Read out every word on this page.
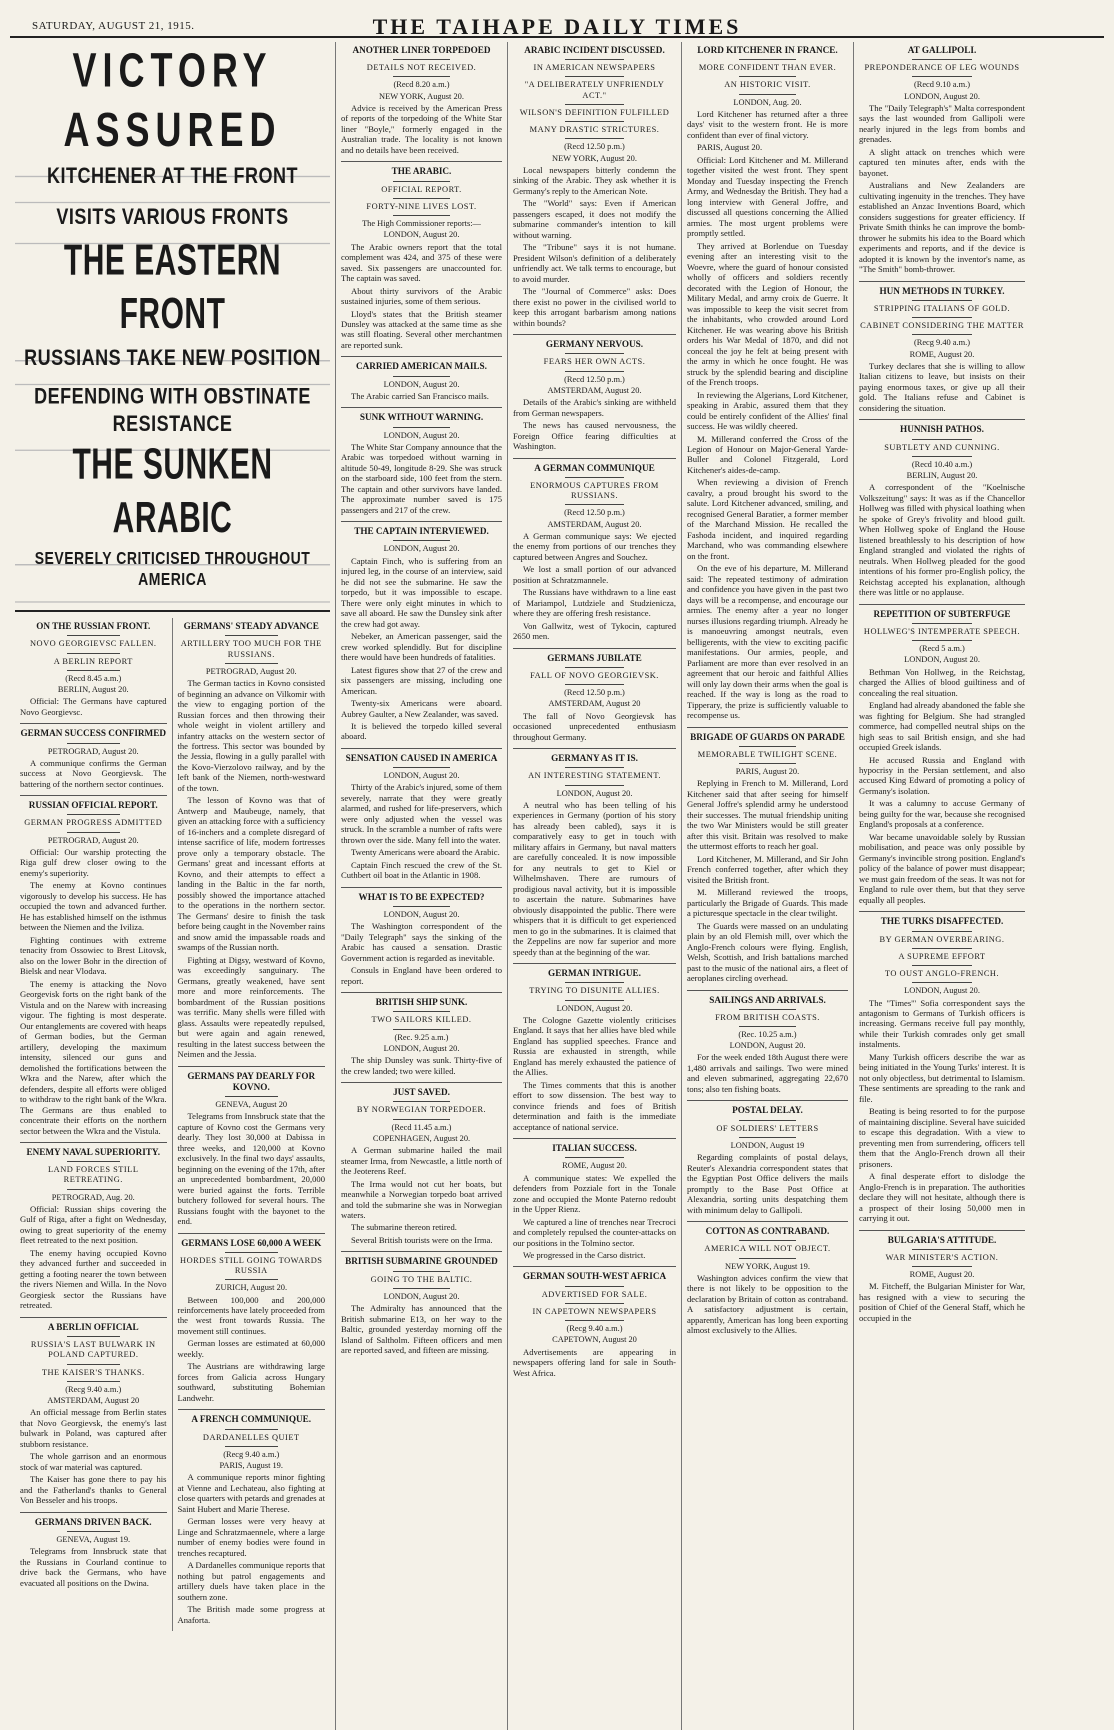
SATURDAY, AUGUST 21, 1915.	THE TAIHAPE DAILY TIMES
VICTORY ASSURED
KITCHENER AT THE FRONT
VISITS VARIOUS FRONTS
THE EASTERN FRONT
RUSSIANS TAKE NEW POSITION
DEFENDING WITH OBSTINATE RESISTANCE
THE SUNKEN ARABIC
SEVERELY CRITICISED THROUGHOUT AMERICA
ON THE RUSSIAN FRONT.
NOVO GEORGIEVSC FALLEN.
A BERLIN REPORT
(Recd 8.45 a.m.)
BERLIN, August 20.

Official: The Germans have captured Novo Georgievsc.

GERMAN SUCCESS CONFIRMED
PETROGRAD, August 20.

A communique confirms the German success at Novo Georgievsk. The battering of the northern sector continues.

RUSSIAN OFFICIAL REPORT.
GERMAN PROGRESS ADMITTED
PETROGRAD, August 20.

Official: Our warship protecting the Riga gulf drew closer owing to the enemy's superiority.

The enemy at Kovno continues vigorously to develop his success. He has occupied the town and advanced further. He has established himself on the isthmus between the Niemen and the Iviliza.

Fighting continues with extreme tenacity from Ossowiec to Brest Litovsk, also on the lower Bohr in the direction of Bielsk and near Vlodava.

The enemy is attacking the Novo Georgevisk forts on the right bank of the Vistula and on the Narew with increasing vigour. The fighting is most desperate. Our entanglements are covered with heaps of German bodies, but the German artillery, developing the maximum intensity, silenced our guns and demolished the fortifications between the Wkra and the Narew, after which the defenders, despite all efforts were obliged to withdraw to the right bank of the Wkra. The Germans are thus enabled to concentrate their efforts on the northern sector between the Wkra and the Vistula.

ENEMY NAVAL SUPERIORITY.
LAND FORCES STILL RETREATING.
PETROGRAD, Aug. 20.

Official: Russian ships covering the Gulf of Riga, after a fight on Wednesday, owing to great superiority of the enemy fleet retreated to the next position.

The enemy having occupied Kovno they advanced further and succeeded in getting a footing nearer the town between the rivers Niemen and Willa. In the Novo Georgiesk sector the Russians have retreated.

A BERLIN OFFICIAL
RUSSIA'S LAST BULWARK IN POLAND CAPTURED.
THE KAISER'S THANKS.
(Recg 9.40 a.m.)
AMSTERDAM, August 20

An official message from Berlin states that Novo Georgievsk, the enemy's last bulwark in Poland, was captured after stubborn resistance.

The whole garrison and an enormous stock of war material was captured.

The Kaiser has gone there to pay his and the Fatherland's thanks to General Von Besseler and his troops.

GERMANS DRIVEN BACK.
GENEVA, August 19.

Telegrams from Innsbruck state that the Russians in Courland continue to drive back the Germans, who have evacuated all positions on the Dwina.

GERMANS' STEADY ADVANCE
ARTILLERY TOO MUCH FOR THE RUSSIANS.
PETROGRAD, August 20.

The German tactics in Kovno consisted of beginning an advance on Vilkomir with the view to engaging portion of the Russian forces and then throwing their whole weight in violent artillery and infantry attacks on the western sector of the fortress. This sector was bounded by the Jessia, flowing in a gully parallel with the Kovo-Vierzolovo railway, and by the left bank of the Niemen, north-westward of the town.

The lesson of Kovno was that of Antwerp and Maubeuge, namely, that given an attacking force with a sufficiency of 16-inchers and a complete disregard of intense sacrifice of life, modern fortresses prove only a temporary obstacle. The Germans' great and incessant efforts at Kovno, and their attempts to effect a landing in the Baltic in the far north, possibly showed the importance attached to the operations in the northern sector. The Germans' desire to finish the task before being caught in the November rains and snow amid the impassable roads and swamps of the Russian north.

Fighting at Digsy, westward of Kovno, was exceedingly sanguinary. The Germans, greatly weakened, have sent more and more reinforcements. The bombardment of the Russian positions was terrific. Many shells were filled with glass. Assaults were repeatedly repulsed, but were again and again renewed, resulting in the latest success between the Neimen and the Jessia.

GERMANS PAY DEARLY FOR KOVNO.
GENEVA, August 20

Telegrams from Innsbruck state that the capture of Kovno cost the Germans very dearly. They lost 30,000 at Dabissa in three weeks, and 120,000 at Kovno exclusively. In the final two days' assaults, beginning on the evening of the 17th, after an unprecedented bombardment, 20,000 were buried against the forts. Terrible butchery followed for several hours. The Russians fought with the bayonet to the end.

GERMANS LOSE 60,000 A WEEK
HORDES STILL GOING TOWARDS RUSSIA
ZURICH, August 20.

Between 100,000 and 200,000 reinforcements have lately proceeded from the west front towards Russia. The movement still continues.

German losses are estimated at 60,000 weekly.

The Austrians are withdrawing large forces from Galicia across Hungary southward, substituting Bohemian Landwehr.

A FRENCH COMMUNIQUE.
DARDANELLES QUIET
(Recg 9.40 a.m.)
PARIS, August 19.

A communique reports minor fighting at Vienne and Lechateau, also fighting at close quarters with petards and grenades at Saint Hubert and Marie Therese.

German losses were very heavy at Linge and Schratzmaennele, where a large number of enemy bodies were found in trenches recaptured.

A Dardanelles communique reports that nothing but patrol engagements and artillery duels have taken place in the southern zone.

The British made some progress at Anaforta.

ANOTHER LINER TORPEDOED
DETAILS NOT RECEIVED.
(Recd 8.20 a.m.)
NEW YORK, August 20.

Advice is received by the American Press of reports of the torpedoing of the White Star liner "Boyle," formerly engaged in the Australian trade. The locality is not known and no details have been received.

THE ARABIC.
OFFICIAL REPORT.
FORTY-NINE LIVES LOST.
The High Commissioner reports:—
LONDON, August 20.

The Arabic owners report that the total complement was 424, and 375 of these were saved. Six passengers are unaccounted for. The captain was saved.

About thirty survivors of the Arabic sustained injuries, some of them serious.

Lloyd's states that the British steamer Dunsley was attacked at the same time as she was still floating. Several other merchantmen are reported sunk.

CARRIED AMERICAN MAILS.
LONDON, August 20.

The Arabic carried San Francisco mails.

SUNK WITHOUT WARNING.
LONDON, August 20.

The White Star Company announce that the Arabic was torpedoed without warning in altitude 50-49, longitude 8-29. She was struck on the starboard side, 100 feet from the stern. The captain and other survivors have landed. The approximate number saved is 175 passengers and 217 of the crew.

THE CAPTAIN INTERVIEWED.
LONDON, August 20.

Captain Finch, who is suffering from an injured leg, in the course of an interview, said he did not see the submarine. He saw the torpedo, but it was impossible to escape. There were only eight minutes in which to save all aboard. He saw the Dunsley sink after the crew had got away.

Nebeker, an American passenger, said the crew worked splendidly. But for discipline there would have been hundreds of fatalities.

Latest figures show that 27 of the crew and six passengers are missing, including one American.

Twenty-six Americans were aboard. Aubrey Gaulter, a New Zealander, was saved.

It is believed the torpedo killed several aboard.

SENSATION CAUSED IN AMERICA
LONDON, August 20.

Thirty of the Arabic's injured, some of them severely, narrate that they were greatly alarmed, and rushed for life-preservers, which were only adjusted when the vessel was struck. In the scramble a number of rafts were thrown over the side. Many fell into the water.

Twenty Americans were aboard the Arabic.

Captain Finch rescued the crew of the St. Cuthbert oil boat in the Atlantic in 1908.

WHAT IS TO BE EXPECTED?
LONDON, August 20.

The Washington correspondent of the "Daily Telegraph" says the sinking of the Arabic has caused a sensation. Drastic Government action is regarded as inevitable.

Consuls in England have been ordered to report.

BRITISH SHIP SUNK.
TWO SAILORS KILLED.
(Rec. 9.25 a.m.)
LONDON, August 20.

The ship Dunsley was sunk. Thirty-five of the crew landed; two were killed.

JUST SAVED.
BY NORWEGIAN TORPEDOER.
(Recd 11.45 a.m.)
COPENHAGEN, August 20.

A German submarine hailed the mail steamer Irma, from Newcastle, a little north of the Jeoterens Reef.

The Irma would not cut her boats, but meanwhile a Norwegian torpedo boat arrived and told the submarine she was in Norwegian waters.

The submarine thereon retired.

Several British tourists were on the Irma.

BRITISH SUBMARINE GROUNDED
GOING TO THE BALTIC.
LONDON, August 20.

The Admiralty has announced that the British submarine E13, on her way to the Baltic, grounded yesterday morning off the Island of Saltholm. Fifteen officers and men are reported saved, and fifteen are missing.

ARABIC INCIDENT DISCUSSED.
IN AMERICAN NEWSPAPERS
"A DELIBERATELY UNFRIENDLY ACT."
WILSON'S DEFINITION FULFILLED
MANY DRASTIC STRICTURES.
(Recd 12.50 p.m.)
NEW YORK, August 20.

Local newspapers bitterly condemn the sinking of the Arabic. They ask whether it is Germany's reply to the American Note.

The "World" says: Even if American passengers escaped, it does not modify the submarine commander's intention to kill without warning.

The "Tribune" says it is not humane. President Wilson's definition of a deliberately unfriendly act. We talk terms to encourage, but to avoid murder.

The "Journal of Commerce" asks: Does there exist no power in the civilised world to keep this arrogant barbarism among nations within bounds?

GERMANY NERVOUS.
FEARS HER OWN ACTS.
(Recd 12.50 p.m.)
AMSTERDAM, August 20.

Details of the Arabic's sinking are withheld from German newspapers.

The news has caused nervousness, the Foreign Office fearing difficulties at Washington.

A GERMAN COMMUNIQUE
ENORMOUS CAPTURES FROM RUSSIANS.
(Recd 12.50 p.m.)
AMSTERDAM, August 20.

A German communique says: We ejected the enemy from portions of our trenches they captured between Angres and Souchez.

We lost a small portion of our advanced position at Schratzmannele.

The Russians have withdrawn to a line east of Mariampol, Lutdziele and Studzienicza, where they are offering fresh resistance.

Von Gallwitz, west of Tykocin, captured 2650 men.

GERMANS JUBILATE
FALL OF NOVO GEORGIEVSK.
(Recd 12.50 p.m.)
AMSTERDAM, August 20

The fall of Novo Georgievsk has occasioned unprecedented enthusiasm throughout Germany.

GERMANY AS IT IS.
AN INTERESTING STATEMENT.
LONDON, August 20.

A neutral who has been telling of his experiences in Germany (portion of his story has already been cabled), says it is comparatively easy to get in touch with military affairs in Germany, but naval matters are carefully concealed. It is now impossible for any neutrals to get to Kiel or Wilhelmshaven. There are rumours of prodigious naval activity, but it is impossible to ascertain the nature. Submarines have obviously disappointed the public. There were whispers that it is difficult to get experienced men to go in the submarines. It is claimed that the Zeppelins are now far superior and more speedy than at the beginning of the war.

GERMAN INTRIGUE.
TRYING TO DISUNITE ALLIES.
LONDON, August 20.

The Cologne Gazette violently criticises England. It says that her allies have bled while England has supplied speeches. France and Russia are exhausted in strength, while England has merely exhausted the patience of the Allies.

The Times comments that this is another effort to sow dissension. The best way to convince friends and foes of British determination and faith is the immediate acceptance of national service.

ITALIAN SUCCESS.
ROME, August 20.

A communique states: We expelled the defenders from Pozziale fort in the Tonale zone and occupied the Monte Paterno redoubt in the Upper Rienz.

We captured a line of trenches near Trecroci and completely repulsed the counter-attacks on our positions in the Tolmino sector.

We progressed in the Carso district.

GERMAN SOUTH-WEST AFRICA
ADVERTISED FOR SALE.
IN CAPETOWN NEWSPAPERS
(Recg 9.40 a.m.)
CAPETOWN, August 20

Advertisements are appearing in newspapers offering land for sale in South-West Africa.

LORD KITCHENER IN FRANCE.
MORE CONFIDENT THAN EVER.
AN HISTORIC VISIT.
LONDON, Aug. 20.

Lord Kitchener has returned after a three days' visit to the western front. He is more confident than ever of final victory.

PARIS, August 20.

Official: Lord Kitchener and M. Millerand together visited the west front. They spent Monday and Tuesday inspecting the French Army, and Wednesday the British. They had a long interview with General Joffre, and discussed all questions concerning the Allied armies. The most urgent problems were promptly settled.

They arrived at Borlendue on Tuesday evening after an interesting visit to the Woevre, where the guard of honour consisted wholly of officers and soldiers recently decorated with the Legion of Honour, the Military Medal, and army croix de Guerre. It was impossible to keep the visit secret from the inhabitants, who crowded around Lord Kitchener. He was wearing above his British orders his War Medal of 1870, and did not conceal the joy he felt at being present with the army in which he once fought. He was struck by the splendid bearing and discipline of the French troops.

In reviewing the Algerians, Lord Kitchener, speaking in Arabic, assured them that they could be entirely confident of the Allies' final success. He was wildly cheered.

M. Millerand conferred the Cross of the Legion of Honour on Major-General Yarde-Buller and Colonel Fitzgerald, Lord Kitchener's aides-de-camp.

When reviewing a division of French cavalry, a proud brought his sword to the salute. Lord Kitchener advanced, smiling, and recognised General Baratier, a former member of the Marchand Mission. He recalled the Fashoda incident, and inquired regarding Marchand, who was commanding elsewhere on the front.

On the eve of his departure, M. Millerand said: The repeated testimony of admiration and confidence you have given in the past two days will be a recompense, and encourage our armies. The enemy after a year no longer nurses illusions regarding triumph. Already he is manoeuvring amongst neutrals, even belligerents, with the view to exciting pacific manifestations. Our armies, people, and Parliament are more than ever resolved in an agreement that our heroic and faithful Allies will only lay down their arms when the goal is reached. If the way is long as the road to Tipperary, the prize is sufficiently valuable to recompense us.

BRIGADE OF GUARDS ON PARADE
MEMORABLE TWILIGHT SCENE.
PARIS, August 20.

Replying in French to M. Millerand, Lord Kitchener said that after seeing for himself General Joffre's splendid army he understood their successes. The mutual friendship uniting the two War Ministers would be still greater after this visit. Britain was resolved to make the uttermost efforts to reach her goal.

Lord Kitchener, M. Millerand, and Sir John French conferred together, after which they visited the British front.

M. Millerand reviewed the troops, particularly the Brigade of Guards. This made a picturesque spectacle in the clear twilight.

The Guards were massed on an undulating plain by an old Flemish mill, over which the Anglo-French colours were flying. English, Welsh, Scottish, and Irish battalions marched past to the music of the national airs, a fleet of aeroplanes circling overhead.

SAILINGS AND ARRIVALS.
FROM BRITISH COASTS.
(Rec. 10.25 a.m.)
LONDON, August 20.

For the week ended 18th August there were 1,480 arrivals and sailings. Two were mined and eleven submarined, aggregating 22,670 tons; also ten fishing boats.

POSTAL DELAY.
OF SOLDIERS' LETTERS
LONDON, August 19

Regarding complaints of postal delays, Reuter's Alexandria correspondent states that the Egyptian Post Office delivers the mails promptly to the Base Post Office at Alexandria, sorting units despatching them with minimum delay to Gallipoli.

COTTON AS CONTRABAND.
AMERICA WILL NOT OBJECT.
NEW YORK, August 19.

Washington advices confirm the view that there is not likely to be opposition to the declaration by Britain of cotton as contraband. A satisfactory adjustment is certain, apparently, American has long been exporting almost exclusively to the Allies.

AT GALLIPOLI.
PREPONDERANCE OF LEG WOUNDS
(Recd 9.10 a.m.)
LONDON, August 20.

The "Daily Telegraph's" Malta correspondent says the last wounded from Gallipoli were nearly injured in the legs from bombs and grenades.

A slight attack on trenches which were captured ten minutes after, ends with the bayonet.

Australians and New Zealanders are cultivating ingenuity in the trenches. They have established an Anzac Inventions Board, which considers suggestions for greater efficiency. If Private Smith thinks he can improve the bomb-thrower he submits his idea to the Board which experiments and reports, and if the device is adopted it is known by the inventor's name, as "The Smith" bomb-thrower.

HUN METHODS IN TURKEY.
STRIPPING ITALIANS OF GOLD.
CABINET CONSIDERING THE MATTER
(Recg 9.40 a.m.)
ROME, August 20.

Turkey declares that she is willing to allow Italian citizens to leave, but insists on their paying enormous taxes, or give up all their gold. The Italians refuse and Cabinet is considering the situation.

HUNNISH PATHOS.
SUBTLETY AND CUNNING.
(Recd 10.40 a.m.)
BERLIN, August 20.

A correspondent of the "Koelnische Volkszeitung" says: It was as if the Chancellor Hollweg was filled with physical loathing when he spoke of Grey's frivolity and blood guilt. When Hollweg spoke of England the House listened breathlessly to his description of how England strangled and violated the rights of neutrals. When Hollweg pleaded for the good intentions of his former pro-English policy, the Reichstag accepted his explanation, although there was little or no applause.

REPETITION OF SUBTERFUGE
HOLLWEG'S INTEMPERATE SPEECH.
(Recd 5 a.m.)
LONDON, August 20.

Bethman Von Hollweg, in the Reichstag, charged the Allies of blood guiltiness and of concealing the real situation.

England had already abandoned the fable she was fighting for Belgium. She had strangled commerce, had compelled neutral ships on the high seas to sail British ensign, and she had occupied Greek islands.

He accused Russia and England with hypocrisy in the Persian settlement, and also accused King Edward of promoting a policy of Germany's isolation.

It was a calumny to accuse Germany of being guilty for the war, because she recognised England's proposals at a conference.

War became unavoidable solely by Russian mobilisation, and peace was only possible by Germany's invincible strong position. England's policy of the balance of power must disappear; we must gain freedom of the seas. It was not for England to rule over them, but that they serve equally all peoples.

THE TURKS DISAFFECTED.
BY GERMAN OVERBEARING.
A SUPREME EFFORT
TO OUST ANGLO-FRENCH.
LONDON, August 20.

The "Times'" Sofia correspondent says the antagonism to Germans of Turkish officers is increasing. Germans receive full pay monthly, while their Turkish comrades only get small instalments.

Many Turkish officers describe the war as being initiated in the Young Turks' interest. It is not only objectless, but detrimental to Islamism. These sentiments are spreading to the rank and file.

Beating is being resorted to for the purpose of maintaining discipline. Several have suicided to escape this degradation. With a view to preventing men from surrendering, officers tell them that the Anglo-French drown all their prisoners.

A final desperate effort to dislodge the Anglo-French is in preparation. The authorities declare they will not hesitate, although there is a prospect of their losing 50,000 men in carrying it out.

BULGARIA'S ATTITUDE.
WAR MINISTER'S ACTION.
ROME, August 20.

M. Fitcheff, the Bulgarian Minister for War, has resigned with a view to securing the position of Chief of the General Staff, which he occupied in the
